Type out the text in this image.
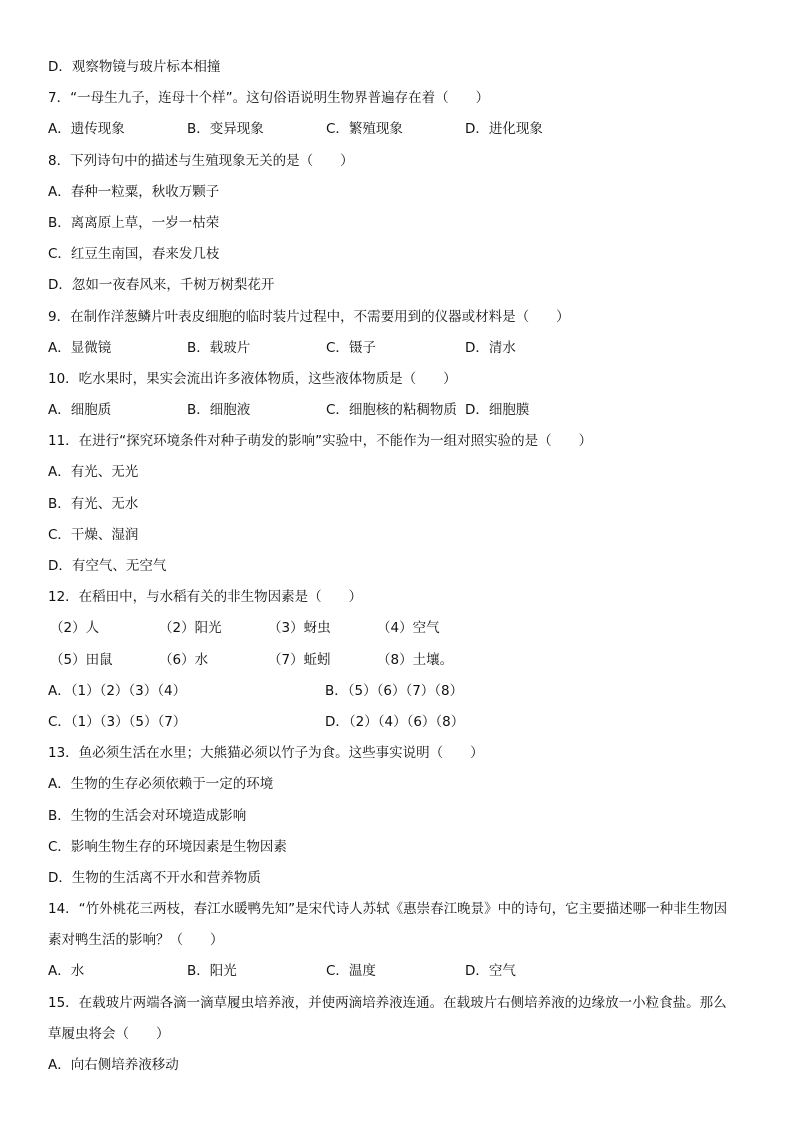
D．观察物镜与玻片标本相撞
7．“一母生九子，连母十个样”。这句俗语说明生物界普遍存在着（　　）
A．遗传现象	B．变异现象	C．繁殖现象	D．进化现象
8．下列诗句中的描述与生殖现象无关的是（　　）
A．春种一粒粟，秋收万颗子
B．离离原上草，一岁一枯荣
C．红豆生南国，春来发几枝
D．忽如一夜春风来，千树万树梨花开
9．在制作洋葱鳞片叶表皮细胞的临时装片过程中，不需要用到的仪器或材料是（　　）
A．显微镜	B．载玻片	C．镊子	D．清水
10．吃水果时，果实会流出许多液体物质，这些液体物质是（　　）
A．细胞质	B．细胞液	C．细胞核的粘稠物质 D．细胞膜
11．在进行“探究环境条件对种子萌发的影响”实验中，不能作为一组对照实验的是（　　）
A．有光、无光
B．有光、无水
C．干燥、湿润
D．有空气、无空气
12．在稻田中，与水稻有关的非生物因素是（　　）
（2）人	（2）阳光	（3）蚜虫	（4）空气
（5）田鼠	（6）水	（7）蚯蚓	（8）土壤。
A．（1）（2）（3）（4）	B．（5）（6）（7）（8）
C．（1）（3）（5）（7）	D．（2）（4）（6）（8）
13．鱼必须生活在水里；大熊猫必须以竹子为食。这些事实说明（　　）
A．生物的生存必须依赖于一定的环境
B．生物的生活会对环境造成影响
C．影响生物生存的环境因素是生物因素
D．生物的生活离不开水和营养物质
14．“竹外桃花三两枝，春江水暖鸭先知”是宋代诗人苏轼《惠崇春江晚景》中的诗句，它主要描述哪一种非生物因
素对鸭生活的影响？（　　）
A．水	B．阳光	C．温度	D．空气
15．在载玻片两端各滴一滴草履虫培养液，并使两滴培养液连通。在载玻片右侧培养液的边缘放一小粒食盐。那么
草履虫将会（　　）
A．向右侧培养液移动
